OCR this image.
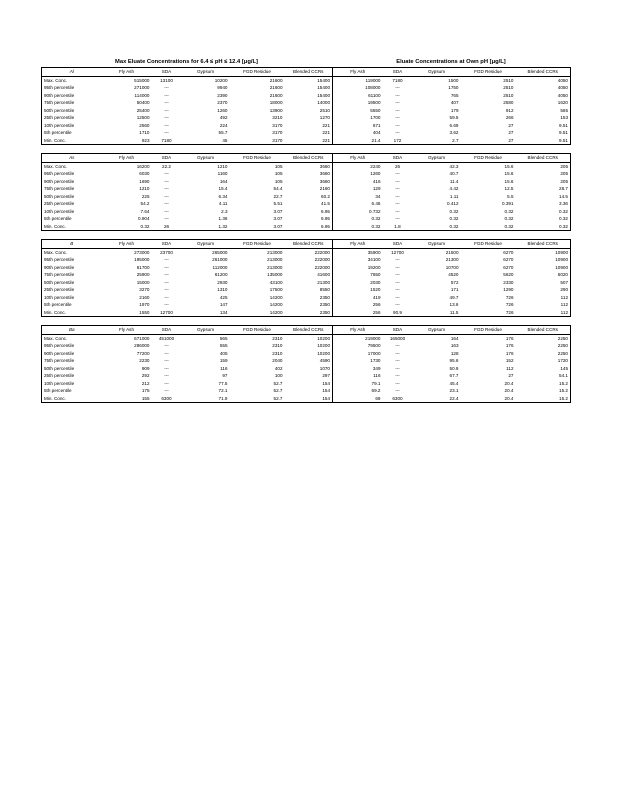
Max Eluate Concentrations for 6.4 ≤ pH ≤ 12.4 [μg/L]	Eluate Concentrations at Own pH [μg/L]
Al	Fly Ash	SDA	Gypsum	FGD Residue	Blended CCRs	Fly Ash	SDA	Gypsum	FGD Residue	Blended CCRs
Max. Conc.	515000	13100	10200	21600	15400	119000	7180	1500	2510	4050
95th percentile	271000	---	9940	21600	15400	108000	---	1750	2510	4050
90th percentile	114000	---	2390	21600	15400	61100	---	765	2510	4050
75th percentile	50400	---	2370	18000	14000	19500	---	407	2580	1620
50th percentile	25400	---	1260	13900	2510	5550	---	179	912	565
25th percentile	12500	---	492	3210	1270	1700	---	59.5	266	153
10th percentile	2560	---	224	3170	221	671	---	6.69	27	9.51
5th percentile	1710	---	55.7	3170	221	404	---	3.62	27	9.51
Min. Conc.	923	7180	45	3170	221	21.4	172	2.7	27	9.51
As	Fly Ash	SDA	Gypsum	FGD Residue	Blended CCRs	Fly Ash	SDA	Gypsum	FGD Residue	Blended CCRs
Max. Conc.	16200	22.2	1210	105	3660	2240	26	42.3	15.6	205
95th percentile	6030	---	1160	105	3660	1260	---	40.7	15.6	205
90th percentile	1690	---	164	105	3660	416	---	11.4	15.6	205
75th percentile	1210	---	15.4	54.4	2160	129	---	4.42	12.5	28.7
50th percentile	225	---	6.34	22.7	60.2	34	---	1.11	5.5	14.5
25th percentile	54.2	---	4.11	5.51	41.5	6.46	---	0.412	0.391	3.36
10th percentile	7.64	---	2.3	3.07	6.95	0.732	---	0.32	0.32	0.32
5th percentile	0.904	---	1.36	3.07	6.95	0.32	---	0.32	0.32	0.32
Min. Conc.	0.32	26	1.32	3.07	6.95	0.32	1.8	0.32	0.32	0.32
B	Fly Ash	SDA	Gypsum	FGD Residue	Blended CCRs	Fly Ash	SDA	Gypsum	FGD Residue	Blended CCRs
Max. Conc.	273000	23700	265000	213000	222000	35900	12700	21500	6270	10900
95th percentile	195000	---	261000	213000	222000	34100	---	21300	6270	10900
90th percentile	61700	---	112000	213000	222000	19200	---	10700	6270	10900
75th percentile	25900	---	61200	135000	41600	7650	---	4520	5620	5020
50th percentile	15000	---	2930	43100	21300	2030	---	572	2330	507
25th percentile	3270	---	1310	17500	8550	1520	---	171	1290	290
10th percentile	2160	---	425	14200	2350	419	---	49.7	726	112
5th percentile	1970	---	147	14200	2350	256	---	13.6	726	112
Min. Conc.	1550	12700	134	14200	2350	256	90.9	11.5	726	112
Ba	Fly Ash	SDA	Gypsum	FGD Residue	Blended CCRs	Fly Ash	SDA	Gypsum	FGD Residue	Blended CCRs
Max. Conc.	671000	451000	565	2310	10200	219000	165000	164	176	2250
95th percentile	286000	---	555	2310	10200	79500	---	163	176	2250
90th percentile	77200	---	405	2310	10200	17000	---	128	176	2250
75th percentile	2230	---	159	2040	4590	1730	---	95.6	152	1720
50th percentile	909	---	116	402	1070	349	---	50.9	112	145
25th percentile	292	---	97	100	297	116	---	67.7	27	54.1
10th percentile	212	---	77.5	52.7	154	79.1	---	45.4	20.4	15.2
5th percentile	175	---	72.1	52.7	154	69.2	---	23.1	20.4	15.2
Min. Conc.	155	6300	71.9	52.7	154	69	6300	22.4	20.4	15.2
